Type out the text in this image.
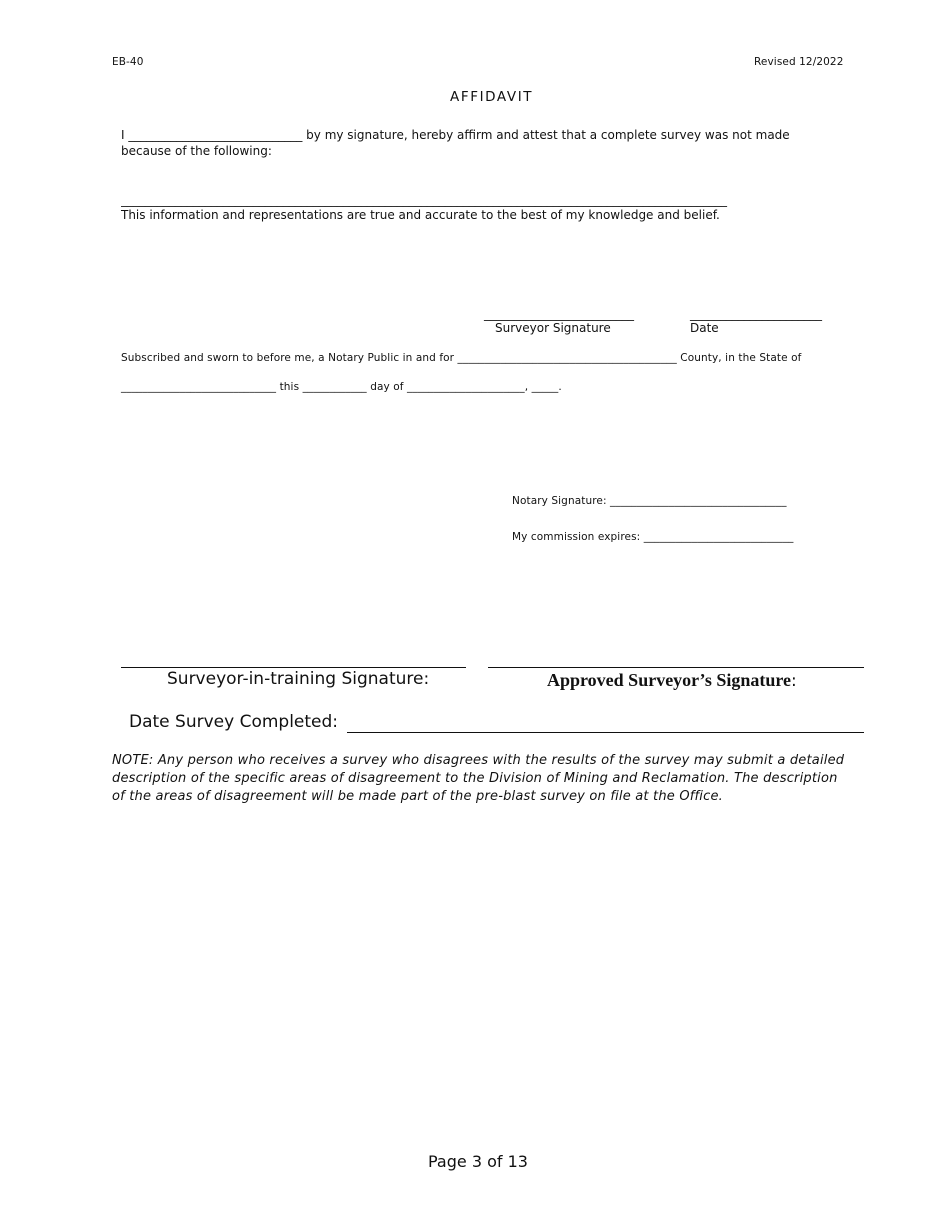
EB-40	Revised 12/2022
AFFIDAVIT
I _____________________________ by my signature, hereby affirm and attest that a complete survey was not made
because of the following:
_____________________________________________________________________________________________________
This information and representations are true and accurate to the best of my knowledge and belief.
_________________________	______________________
Surveyor Signature	Date
Subscribed and sworn to before me, a Notary Public in and for _________________________________________ County, in the State of
_____________________________ this ____________ day of ______________________, _____.
Notary Signature: _________________________________
My commission expires: ____________________________
Surveyor-in-training Signature:	Approved Surveyor’s Signature:
Date Survey Completed:
NOTE: Any person who receives a survey who disagrees with the results of the survey may submit a detailed description of the specific areas of disagreement to the Division of Mining and Reclamation. The description of the areas of disagreement will be made part of the pre-blast survey on file at the Office.
Page 3 of 13
